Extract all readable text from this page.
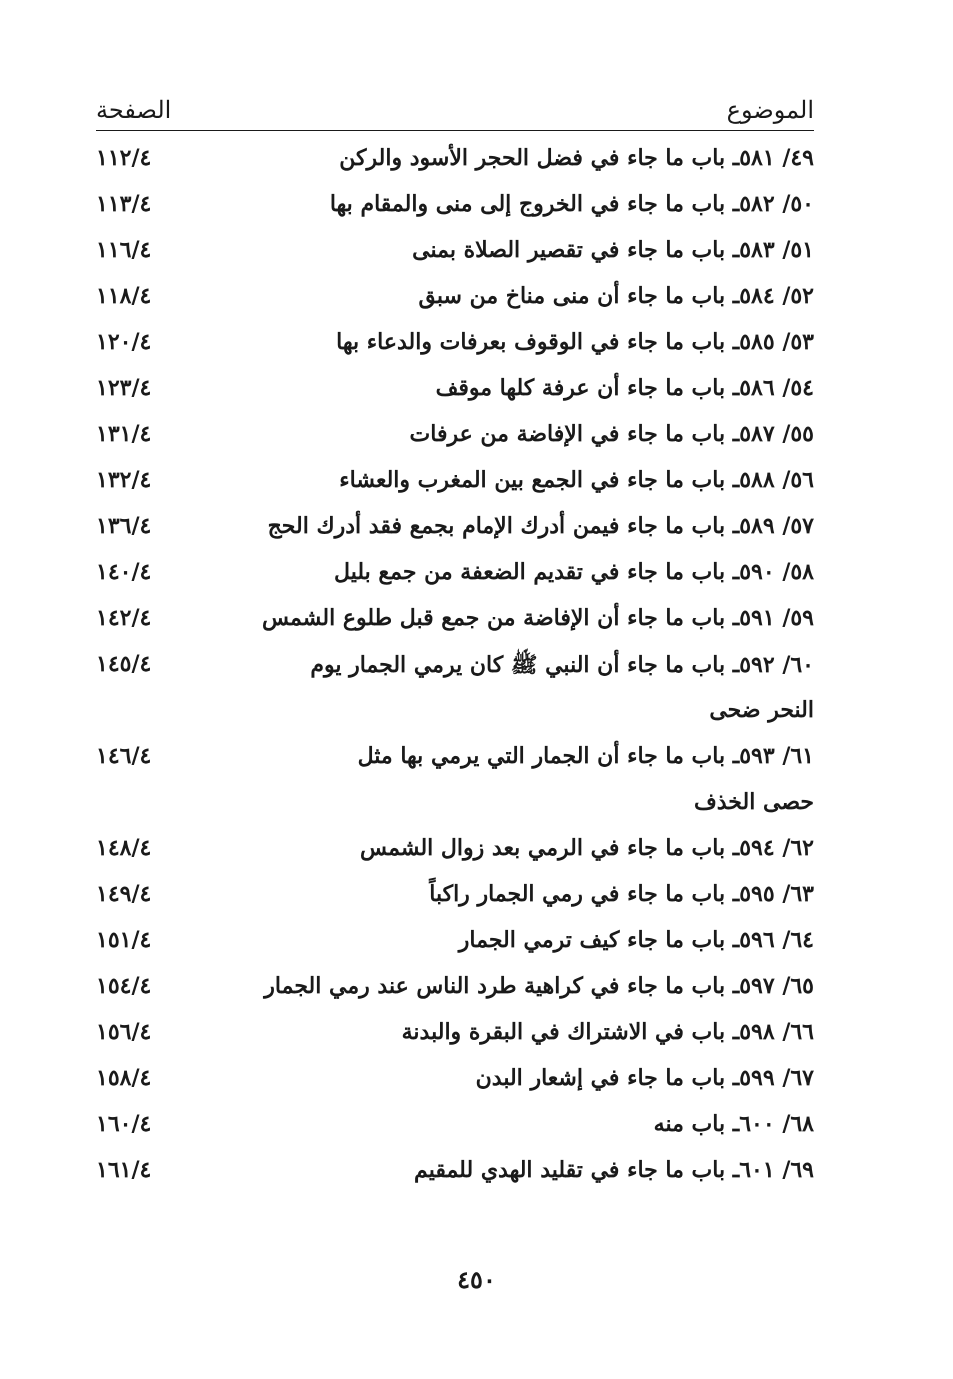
الموضوع
الصفحة
٤٩/ ٥٨١ـ باب ما جاء في فضل الحجر الأسود والركن
١١٢/٤
٥٠/ ٥٨٢ـ باب ما جاء في الخروج إلى منى والمقام بها
١١٣/٤
٥١/ ٥٨٣ـ باب ما جاء في تقصير الصلاة بمنى
١١٦/٤
٥٢/ ٥٨٤ـ باب ما جاء أن منى مناخ من سبق
١١٨/٤
٥٣/ ٥٨٥ـ باب ما جاء في الوقوف بعرفات والدعاء بها
١٢٠/٤
٥٤/ ٥٨٦ـ باب ما جاء أن عرفة كلها موقف
١٢٣/٤
٥٥/ ٥٨٧ـ باب ما جاء في الإفاضة من عرفات
١٣١/٤
٥٦/ ٥٨٨ـ باب ما جاء في الجمع بين المغرب والعشاء
١٣٢/٤
٥٧/ ٥٨٩ـ باب ما جاء فيمن أدرك الإمام بجمع فقد أدرك الحج
١٣٦/٤
٥٨/ ٥٩٠ـ باب ما جاء في تقديم الضعفة من جمع بليل
١٤٠/٤
٥٩/ ٥٩١ـ باب ما جاء أن الإفاضة من جمع قبل طلوع الشمس
١٤٢/٤
٦٠/ ٥٩٢ـ باب ما جاء أن النبي ﷺ كان يرمي الجمار يوم
١٤٥/٤
النحر ضحى
٦١/ ٥٩٣ـ باب ما جاء أن الجمار التي يرمي بها مثل
١٤٦/٤
حصى الخذف
٦٢/ ٥٩٤ـ باب ما جاء في الرمي بعد زوال الشمس
١٤٨/٤
٦٣/ ٥٩٥ـ باب ما جاء في رمي الجمار راكباً
١٤٩/٤
٦٤/ ٥٩٦ـ باب ما جاء كيف ترمي الجمار
١٥١/٤
٦٥/ ٥٩٧ـ باب ما جاء في كراهية طرد الناس عند رمي الجمار
١٥٤/٤
٦٦/ ٥٩٨ـ باب في الاشتراك في البقرة والبدنة
١٥٦/٤
٦٧/ ٥٩٩ـ باب ما جاء في إشعار البدن
١٥٨/٤
٦٨/ ٦٠٠ـ باب منه
١٦٠/٤
٦٩/ ٦٠١ـ باب ما جاء في تقليد الهدي للمقيم
١٦١/٤
٤٥٠
